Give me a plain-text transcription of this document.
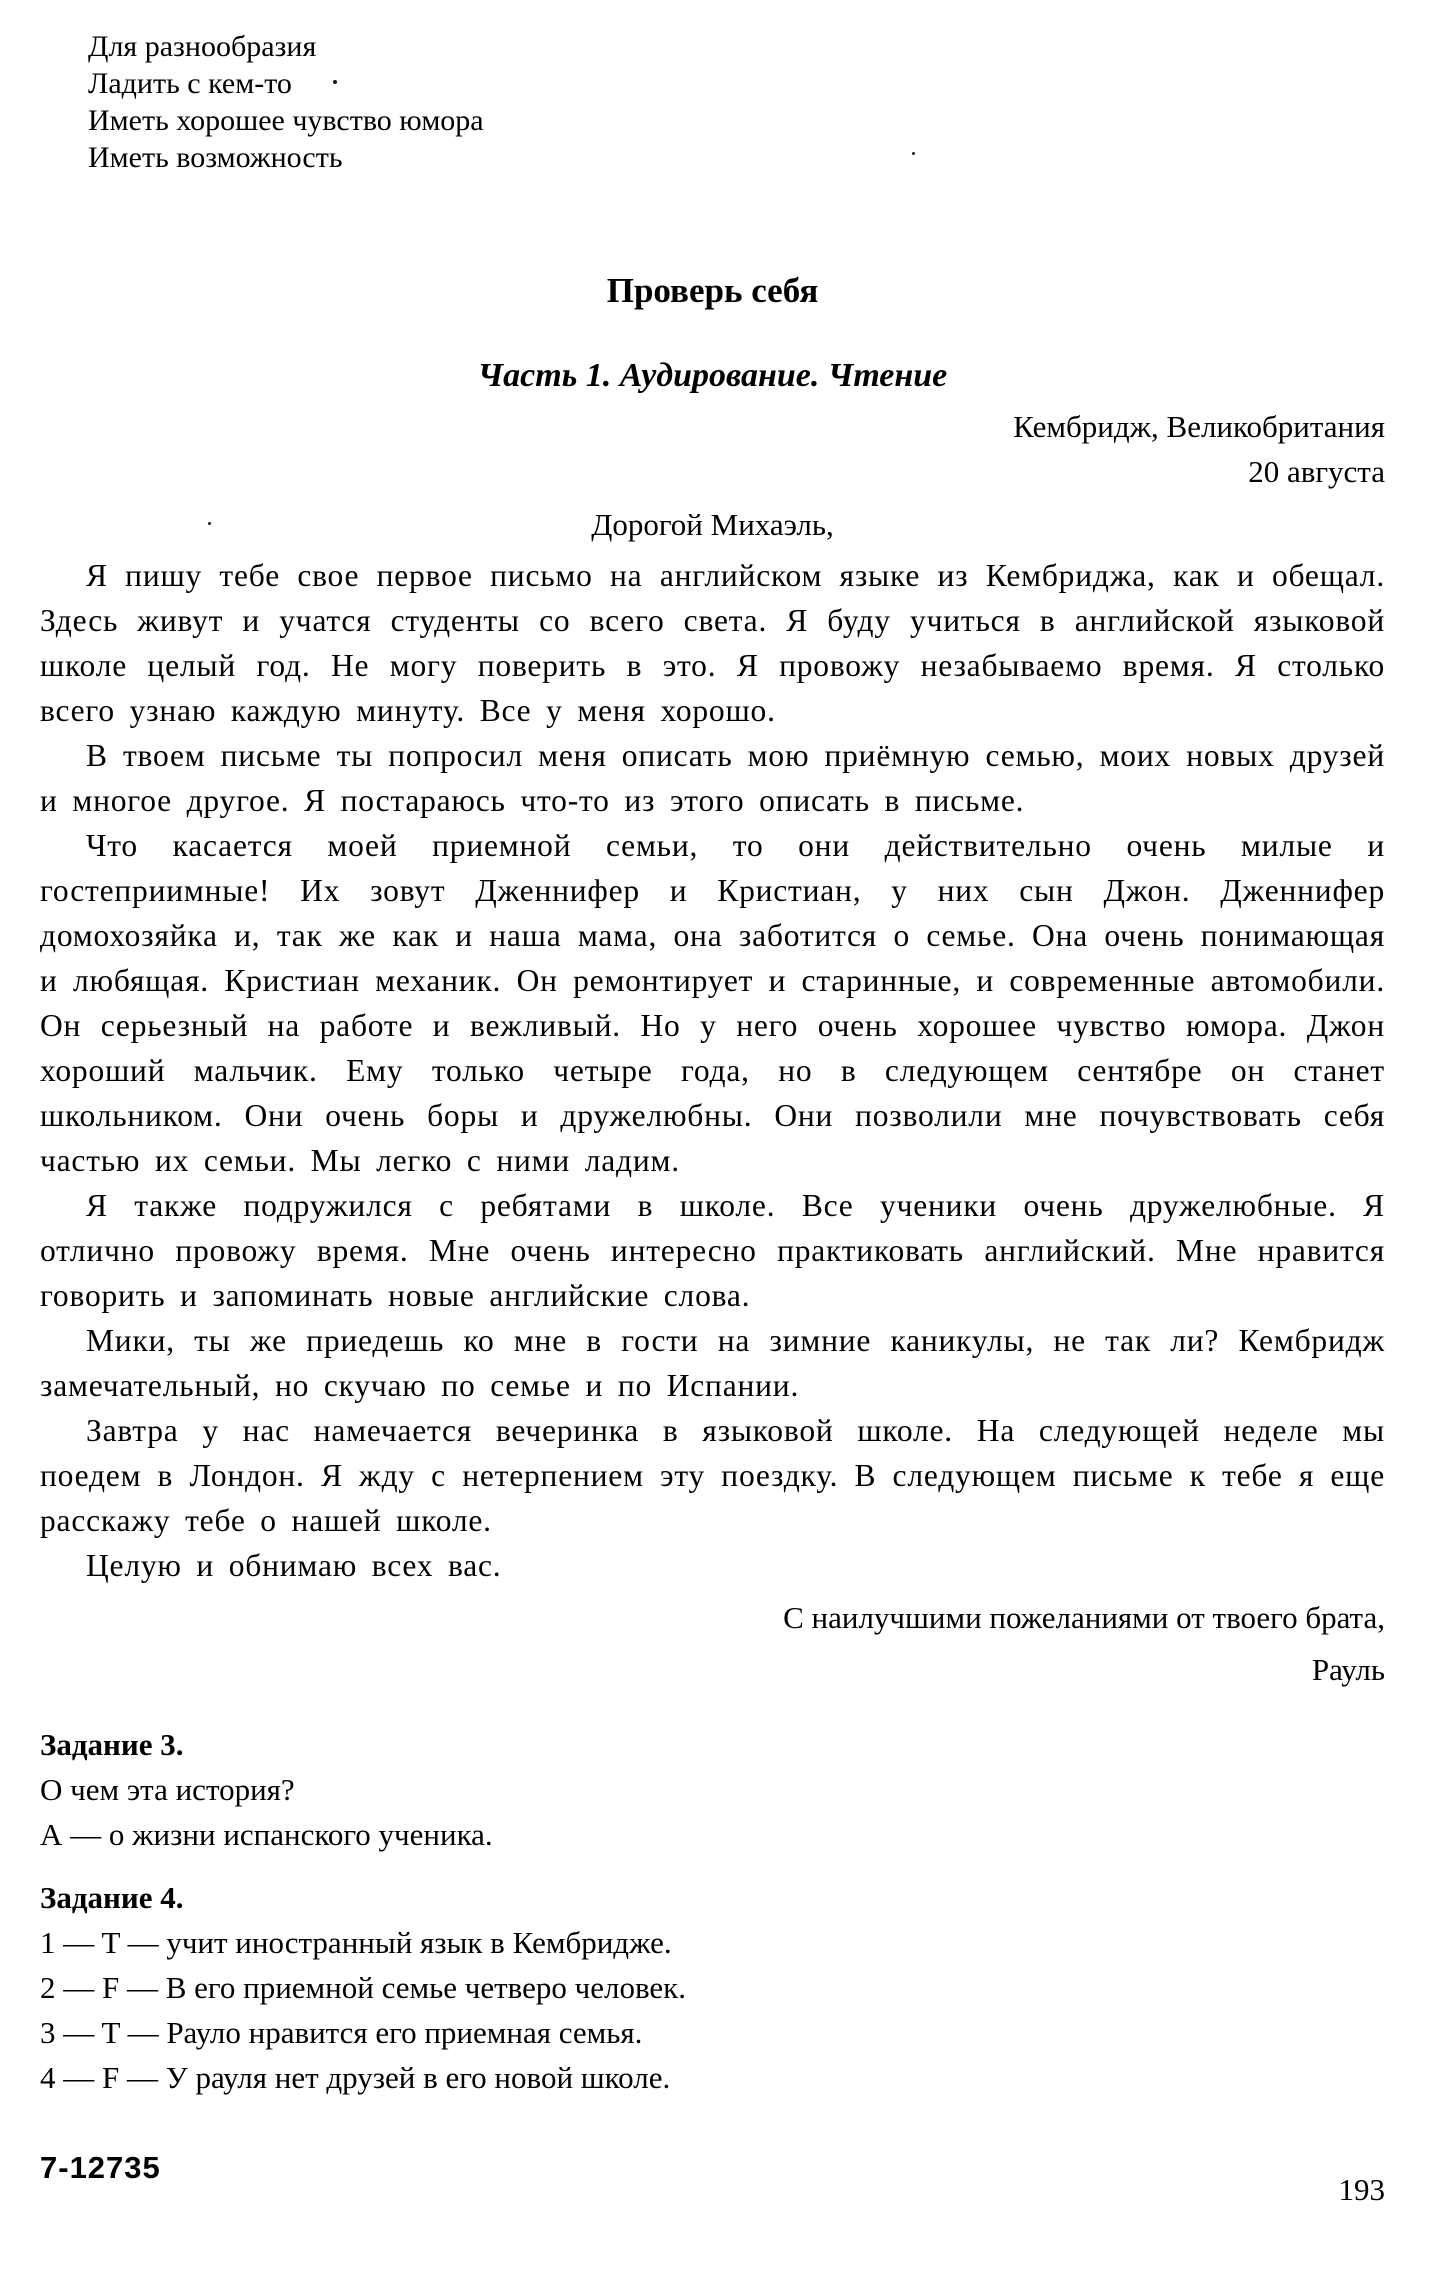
Для разнообразия
Ладить с кем-то
Иметь хорошее чувство юмора
Иметь возможность
Проверь себя
Часть 1. Аудирование. Чтение
Кембридж, Великобритания
20 августа
Дорогой Михаэль,

Я пишу тебе свое первое письмо на английском языке из Кембриджа, как и обещал. Здесь живут и учатся студенты со всего света. Я буду учиться в английской языковой школе целый год. Не могу поверить в это. Я провожу незабываемо время. Я столько всего узнаю каждую минуту. Все у меня хорошо.

В твоем письме ты попросил меня описать мою приёмную семью, моих новых друзей и многое другое. Я постараюсь что-то из этого описать в письме.

Что касается моей приемной семьи, то они действительно очень милые и гостеприимные! Их зовут Дженнифер и Кристиан, у них сын Джон. Дженнифер домохозяйка и, так же как и наша мама, она заботится о семье. Она очень понимающая и любящая. Кристиан механик. Он ремонтирует и старинные, и современные автомобили. Он серьезный на работе и вежливый. Но у него очень хорошее чувство юмора. Джон хороший мальчик. Ему только четыре года, но в следующем сентябре он станет школьником. Они очень боры и дружелюбны. Они позволили мне почувствовать себя частью их семьи. Мы легко с ними ладим.

Я также подружился с ребятами в школе. Все ученики очень дружелюбные. Я отлично провожу время. Мне очень интересно практиковать английский. Мне нравится говорить и запоминать новые английские слова.

Мики, ты же приедешь ко мне в гости на зимние каникулы, не так ли? Кембридж замечательный, но скучаю по семье и по Испании.

Завтра у нас намечается вечеринка в языковой школе. На следующей неделе мы поедем в Лондон. Я жду с нетерпением эту поездку. В следующем письме к тебе я еще расскажу тебе о нашей школе.

Целую и обнимаю всех вас.

С наилучшими пожеланиями от твоего брата,
Рауль
Задание 3.
О чем эта история?
А — о жизни испанского ученика.
Задание 4.
1 — T — учит иностранный язык в Кембридже.
2 — F — В его приемной семье четверо человек.
3 — T — Рауло нравится его приемная семья.
4 — F — У рауля нет друзей в его новой школе.
7-12735
193
